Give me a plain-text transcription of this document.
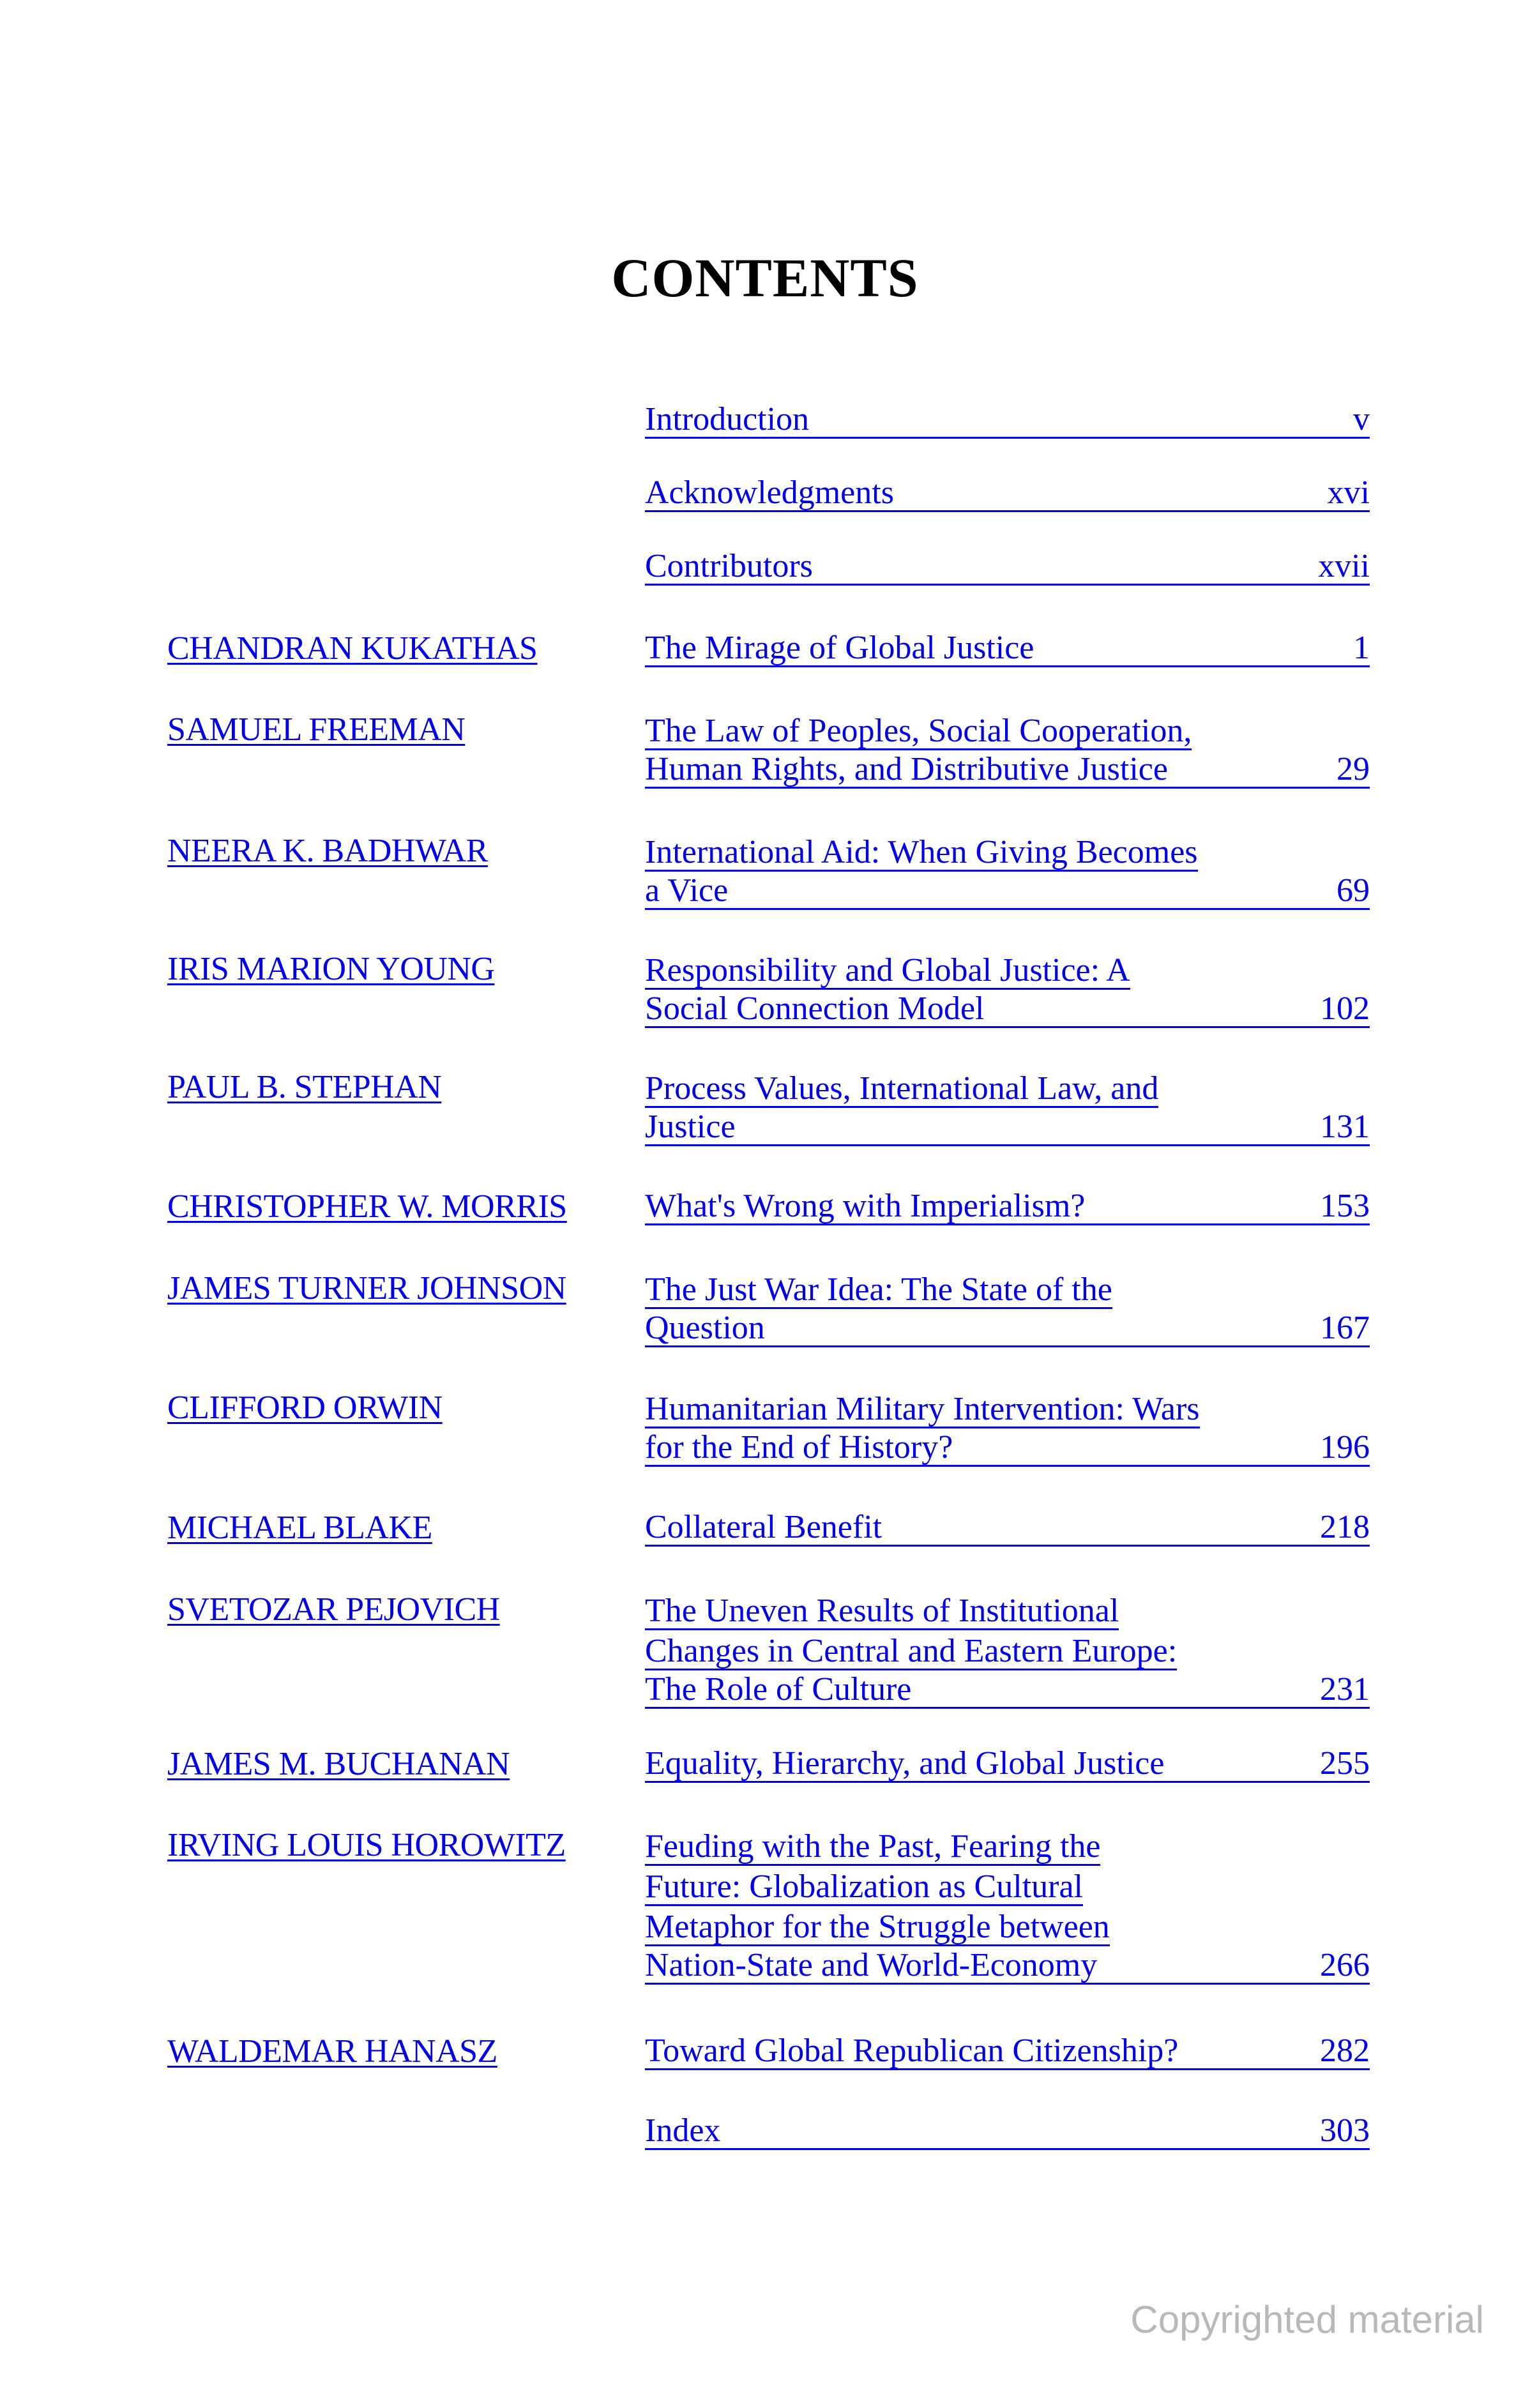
CONTENTS
Introduction	v
Acknowledgments	xvi
Contributors	xvii
CHANDRAN KUKATHAS	The Mirage of Global Justice	1
SAMUEL FREEMAN	The Law of Peoples, Social Cooperation,

Human Rights, and Distributive Justice	29
NEERA K. BADHWAR	International Aid: When Giving Becomes

a Vice	69
IRIS MARION YOUNG	Responsibility and Global Justice: A

Social Connection Model	102
PAUL B. STEPHAN	Process Values, International Law, and

Justice	131
CHRISTOPHER W. MORRIS What's Wrong with Imperialism?	153
JAMES TURNER JOHNSON The Just War Idea: The State of the

Question	167
CLIFFORD ORWIN	Humanitarian Military Intervention: Wars

for the End of History?	196
MICHAEL BLAKE	Collateral Benefit	218
SVETOZAR PEJOVICH	The Uneven Results of Institutional
Changes in Central and Eastern Europe:

The Role of Culture	231
JAMES M. BUCHANAN	Equality, Hierarchy, and Global Justice	255
IRVING LOUIS HOROWITZ Feuding with the Past, Fearing the
Future: Globalization as Cultural
Metaphor for the Struggle between

Nation-State and World-Economy	266
WALDEMAR HANASZ	Toward Global Republican Citizenship?	282
Index	303
Copyrighted material
